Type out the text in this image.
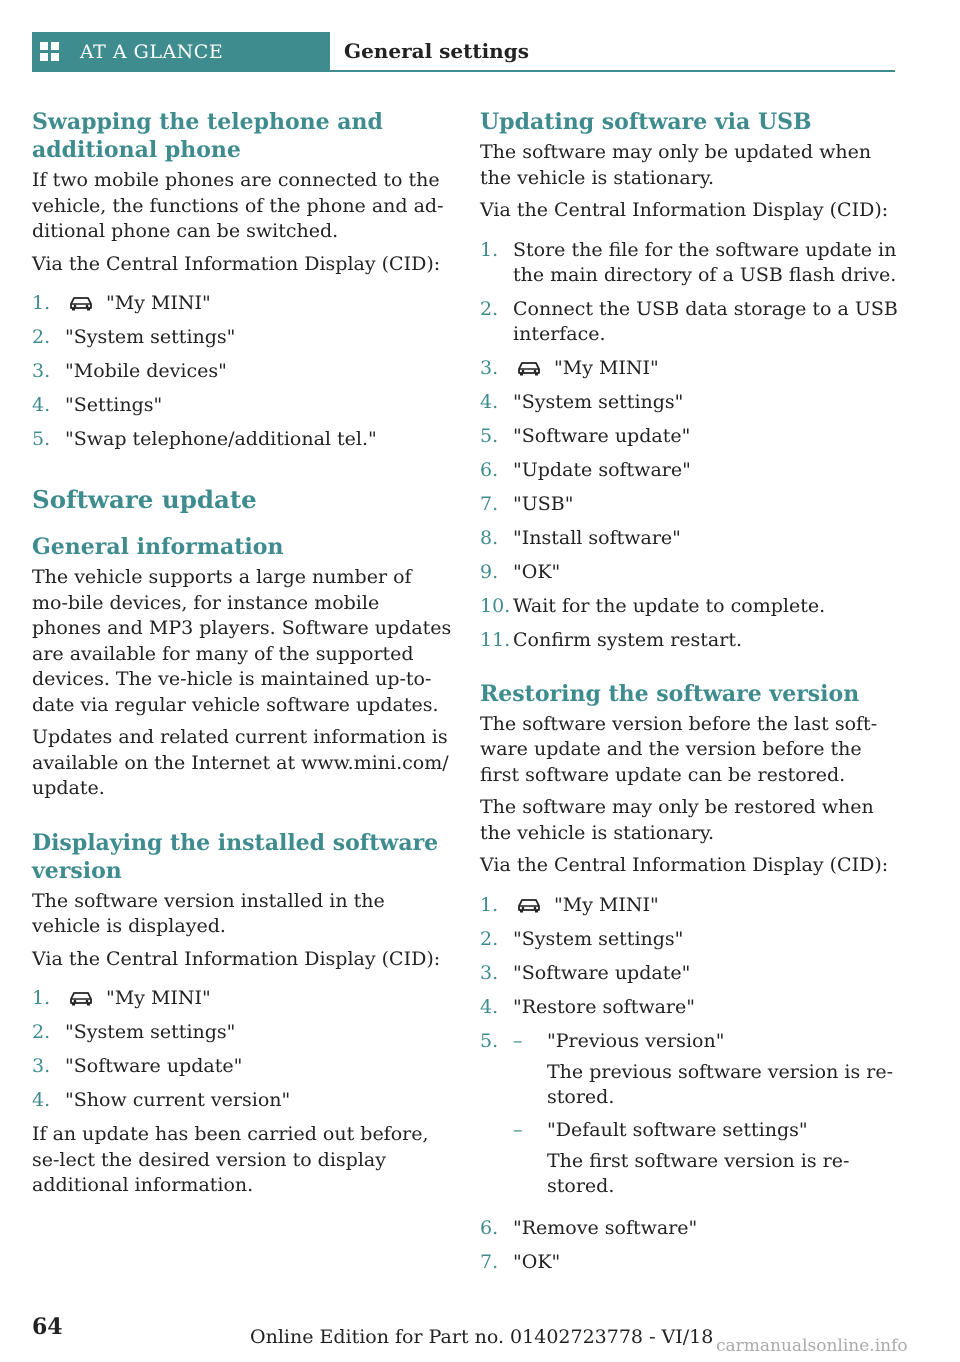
AT A GLANCE	General settings
Swapping the telephone and additional phone
If two mobile phones are connected to the vehicle, the functions of the phone and ad‐ditional phone can be switched.
Via the Central Information Display (CID):
1.	"My MINI"
2. "System settings"
3. "Mobile devices"
4. "Settings"
5. "Swap telephone/additional tel."
Software update
General information
The vehicle supports a large number of mo‐bile devices, for instance mobile phones and MP3 players. Software updates are available for many of the supported devices. The ve‐hicle is maintained up-to-date via regular vehicle software updates.
Updates and related current information is available on the Internet at www.mini.com/ update.
Displaying the installed software version
The software version installed in the vehicle is displayed.
Via the Central Information Display (CID):
1.	"My MINI"
2. "System settings"
3. "Software update"
4. "Show current version"
If an update has been carried out before, se‐lect the desired version to display additional information.
Updating software via USB
The software may only be updated when the vehicle is stationary.
Via the Central Information Display (CID):
1. Store the file for the software update in the main directory of a USB flash drive.
2. Connect the USB data storage to a USB interface.
3.	"My MINI"
4. "System settings"
5. "Software update"
6. "Update software"
7. "USB"
8. "Install software"
9. "OK"
10. Wait for the update to complete.
11. Confirm system restart.
Restoring the software version
The software version before the last soft‐ware update and the version before the first software update can be restored.
The software may only be restored when the vehicle is stationary.
Via the Central Information Display (CID):
1.	"My MINI"
2. "System settings"
3. "Software update"
4. "Restore software"
5. –	"Previous version"
The previous software version is re‐stored.
–	"Default software settings"
The first software version is re‐stored.
6. "Remove software"
7. "OK"
64	Online Edition for Part no. 01402723778 - VI/18 carmanualsonline.info
